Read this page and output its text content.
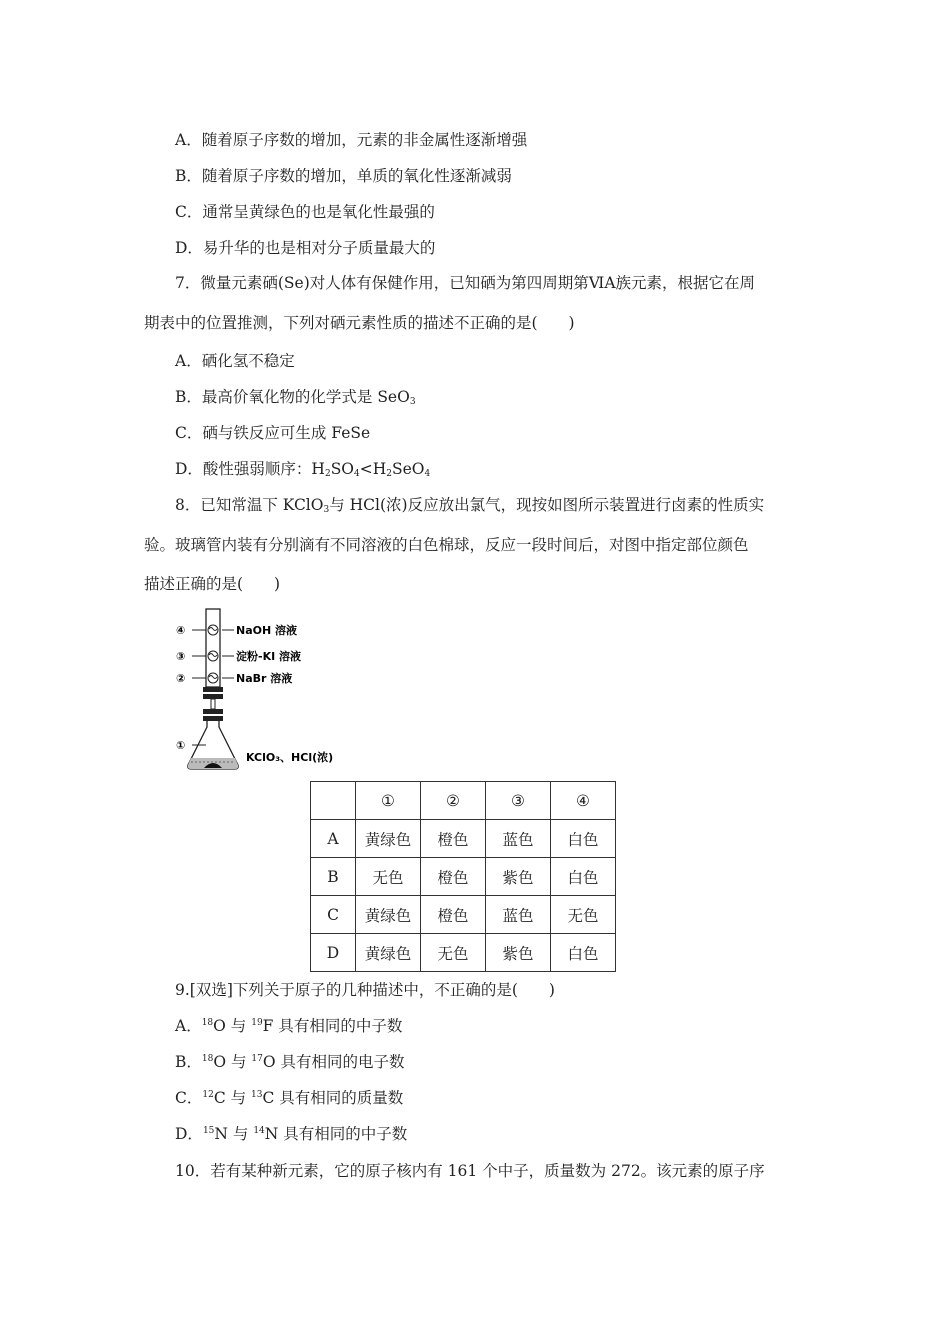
A．随着原子序数的增加，元素的非金属性逐渐增强
B．随着原子序数的增加，单质的氧化性逐渐减弱
C．通常呈黄绿色的也是氧化性最强的
D．易升华的也是相对分子质量最大的
7．微量元素硒(Se)对人体有保健作用，已知硒为第四周期第ⅥA族元素，根据它在周
期表中的位置推测，下列对硒元素性质的描述不正确的是(　　)
A．硒化氢不稳定
B．最高价氧化物的化学式是 SeO$_3$
C．硒与铁反应可生成 FeSe
D．酸性强弱顺序：$H_2SO_4<H_2SeO_4$
8．已知常温下 KClO$_3$与 HCl(浓)反应放出氯气，现按如图所示装置进行卤素的性质实
验。玻璃管内装有分别滴有不同溶液的白色棉球，反应一段时间后，对图中指定部位颜色
描述正确的是(　　)
④
③
②
①
NaOH 溶液
淀粉-KI 溶液
NaBr 溶液
KClO₃、HCl(浓)
	①	②	③	④
A	黄绿色	橙色	蓝色	白色
B	无色	橙色	紫色	白色
C	黄绿色	橙色	蓝色	无色
D	黄绿色	无色	紫色	白色
9.[双选]下列关于原子的几种描述中，不正确的是(　　)
A．$^{18}$O 与 $^{19}$F 具有相同的中子数
B．$^{18}$O 与 $^{17}$O 具有相同的电子数
C．$^{12}$C 与 $^{13}$C 具有相同的质量数
D．$^{15}$N 与 $^{14}$N 具有相同的中子数
10．若有某种新元素，它的原子核内有 161 个中子，质量数为 272。该元素的原子序
